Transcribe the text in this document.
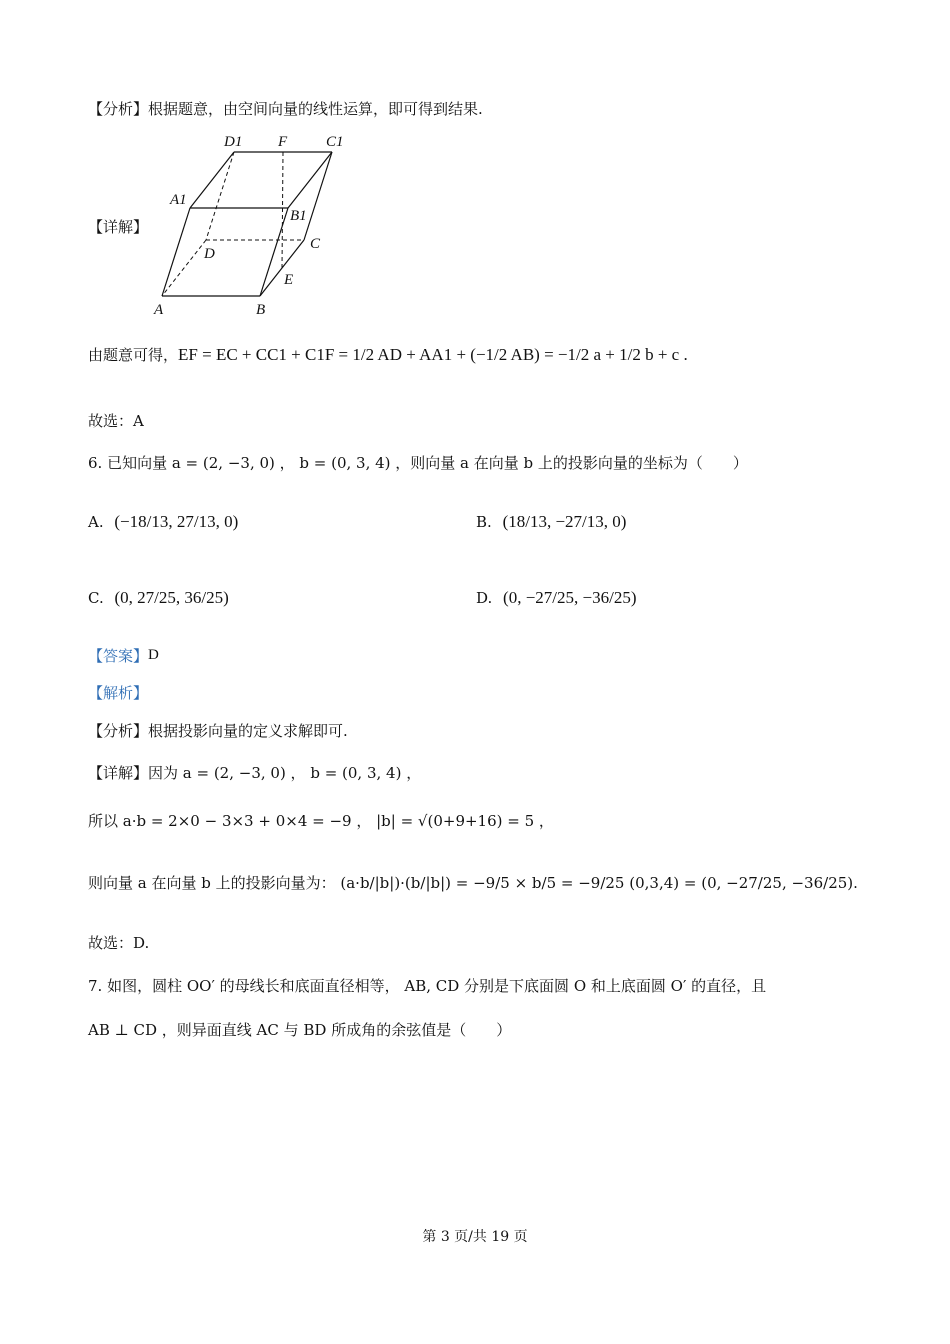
【分析】根据题意，由空间向量的线性运算，即可得到结果.
【详解】
D1 F	C1
A1
B1
D
C
E
A	B
由题意可得， EF = EC + CC1 + C1F = 1/2 AD + AA1 + (−1/2 AB) = −1/2 a + 1/2 b + c .
故选：A
6. 已知向量 a = (2, −3, 0) ， b = (0, 3, 4) ，则向量 a 在向量 b 上的投影向量的坐标为（　　）
A. (−18/13, 27/13, 0)	B. (18/13, −27/13, 0)
C. (0, 27/25, 36/25)	D. (0, −27/25, −36/25)
【答案】 D
【解析】
【分析】根据投影向量的定义求解即可.
【详解】因为 a = (2, −3, 0) ， b = (0, 3, 4) ，
所以 a·b = 2×0 − 3×3 + 0×4 = −9 ， |b| = √(0+9+16) = 5 ，
则向量 a 在向量 b 上的投影向量为： (a·b/|b|)·(b/|b|) = −9/5 × b/5 = −9/25 (0,3,4) = (0, −27/25, −36/25).
故选：D.
7. 如图，圆柱 OO′ 的母线长和底面直径相等， AB, CD 分别是下底面圆 O 和上底面圆 O′ 的直径，且
AB ⊥ CD ，则异面直线 AC 与 BD 所成角的余弦值是（　　）
第 3 页/共 19 页
